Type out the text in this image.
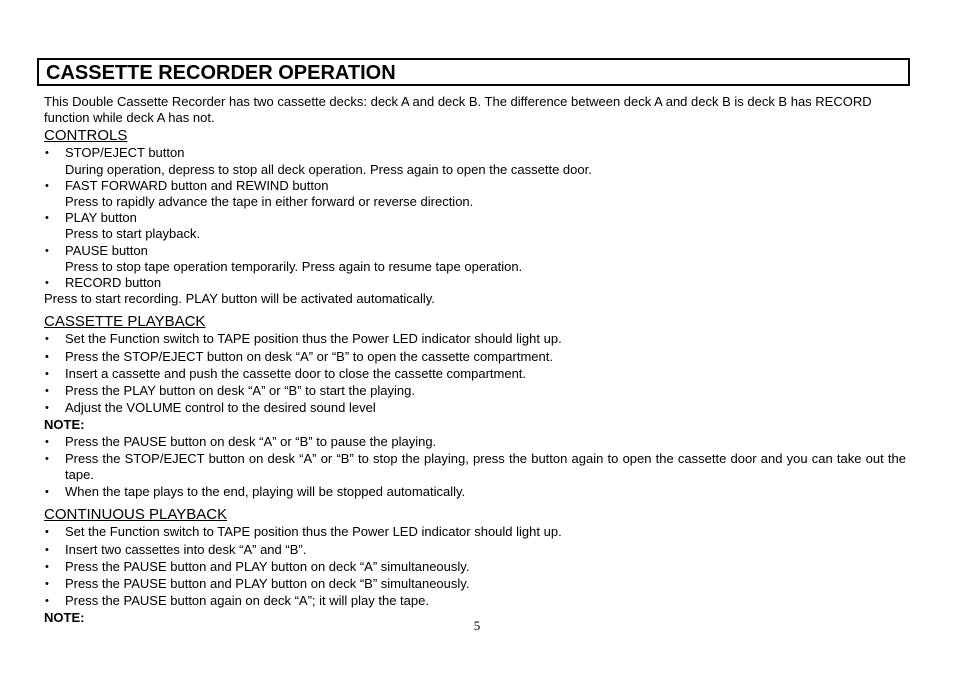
CASSETTE RECORDER OPERATION

This Double Cassette Recorder has two cassette decks: deck A and deck B. The difference between deck A and deck B is deck B has RECORD function while deck A has not.

CONTROLS

• STOP/EJECT button
During operation, depress to stop all deck operation. Press again to open the cassette door.
• FAST FORWARD button and REWIND button
Press to rapidly advance the tape in either forward or reverse direction.
• PLAY button
Press to start playback.
• PAUSE button
Press to stop tape operation temporarily. Press again to resume tape operation.
• RECORD button

Press to start recording. PLAY button will be activated automatically.

CASSETTE PLAYBACK

• Set the Function switch to TAPE position thus the Power LED indicator should light up.
• Press the STOP/EJECT button on desk “A” or “B” to open the cassette compartment.
• Insert a cassette and push the cassette door to close the cassette compartment.
• Press the PLAY button on desk “A” or “B” to start the playing.
• Adjust the VOLUME control to the desired sound level

NOTE:

• Press the PAUSE button on desk “A” or “B” to pause the playing.
• Press the STOP/EJECT button on desk “A” or “B” to stop the playing, press the button again to open the cassette door and you can take out the tape.
• When the tape plays to the end, playing will be stopped automatically.

CONTINUOUS PLAYBACK

• Set the Function switch to TAPE position thus the Power LED indicator should light up.
• Insert two cassettes into desk “A” and “B”.
• Press the PAUSE button and PLAY button on deck “A” simultaneously.
• Press the PAUSE button and PLAY button on deck “B” simultaneously.
• Press the PAUSE button again on deck “A”; it will play the tape.

NOTE:

5
